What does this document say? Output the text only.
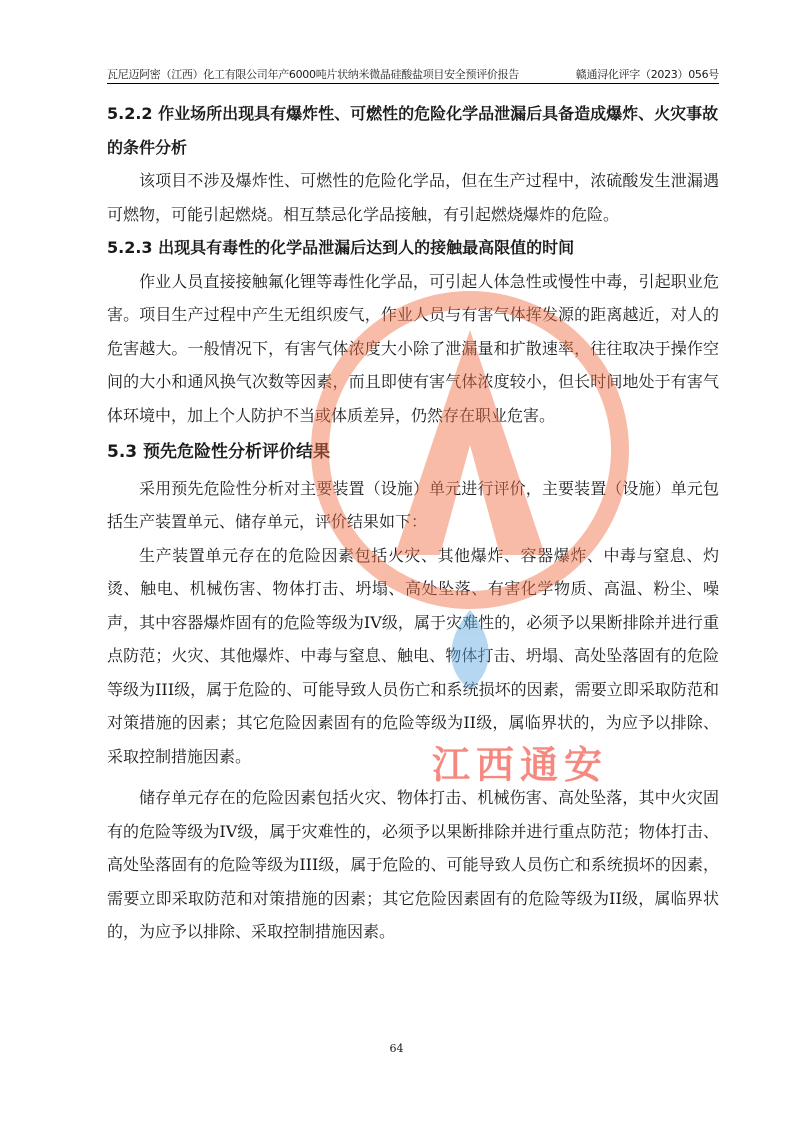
瓦尼迈阿密（江西）化工有限公司年产6000吨片状纳米微晶硅酸盐项目安全预评价报告	赣通浔化评字（2023）056号
5.2.2 作业场所出现具有爆炸性、可燃性的危险化学品泄漏后具备造成爆炸、火灾事故的条件分析

该项目不涉及爆炸性、可燃性的危险化学品，但在生产过程中，浓硫酸发生泄漏遇可燃物，可能引起燃烧。相互禁忌化学品接触，有引起燃烧爆炸的危险。

5.2.3 出现具有毒性的化学品泄漏后达到人的接触最高限值的时间

作业人员直接接触氟化锂等毒性化学品，可引起人体急性或慢性中毒，引起职业危害。项目生产过程中产生无组织废气，作业人员与有害气体挥发源的距离越近，对人的危害越大。一般情况下，有害气体浓度大小除了泄漏量和扩散速率，往往取决于操作空间的大小和通风换气次数等因素，而且即使有害气体浓度较小，但长时间地处于有害气体环境中，加上个人防护不当或体质差异，仍然存在职业危害。

5.3 预先危险性分析评价结果

采用预先危险性分析对主要装置（设施）单元进行评价，主要装置（设施）单元包括生产装置单元、储存单元，评价结果如下：

生产装置单元存在的危险因素包括火灾、其他爆炸、容器爆炸、中毒与窒息、灼烫、触电、机械伤害、物体打击、坍塌、高处坠落、有害化学物质、高温、粉尘、噪声，其中容器爆炸固有的危险等级为IV级，属于灾难性的，必须予以果断排除并进行重点防范；火灾、其他爆炸、中毒与窒息、触电、物体打击、坍塌、高处坠落固有的危险等级为III级，属于危险的、可能导致人员伤亡和系统损坏的因素，需要立即采取防范和对策措施的因素；其它危险因素固有的危险等级为II级，属临界状的，为应予以排除、采取控制措施因素。

储存单元存在的危险因素包括火灾、物体打击、机械伤害、高处坠落，其中火灾固有的危险等级为IV级，属于灾难性的，必须予以果断排除并进行重点防范；物体打击、高处坠落固有的危险等级为III级，属于危险的、可能导致人员伤亡和系统损坏的因素，需要立即采取防范和对策措施的因素；其它危险因素固有的危险等级为II级，属临界状的，为应予以排除、采取控制措施因素。

64
江西通安
